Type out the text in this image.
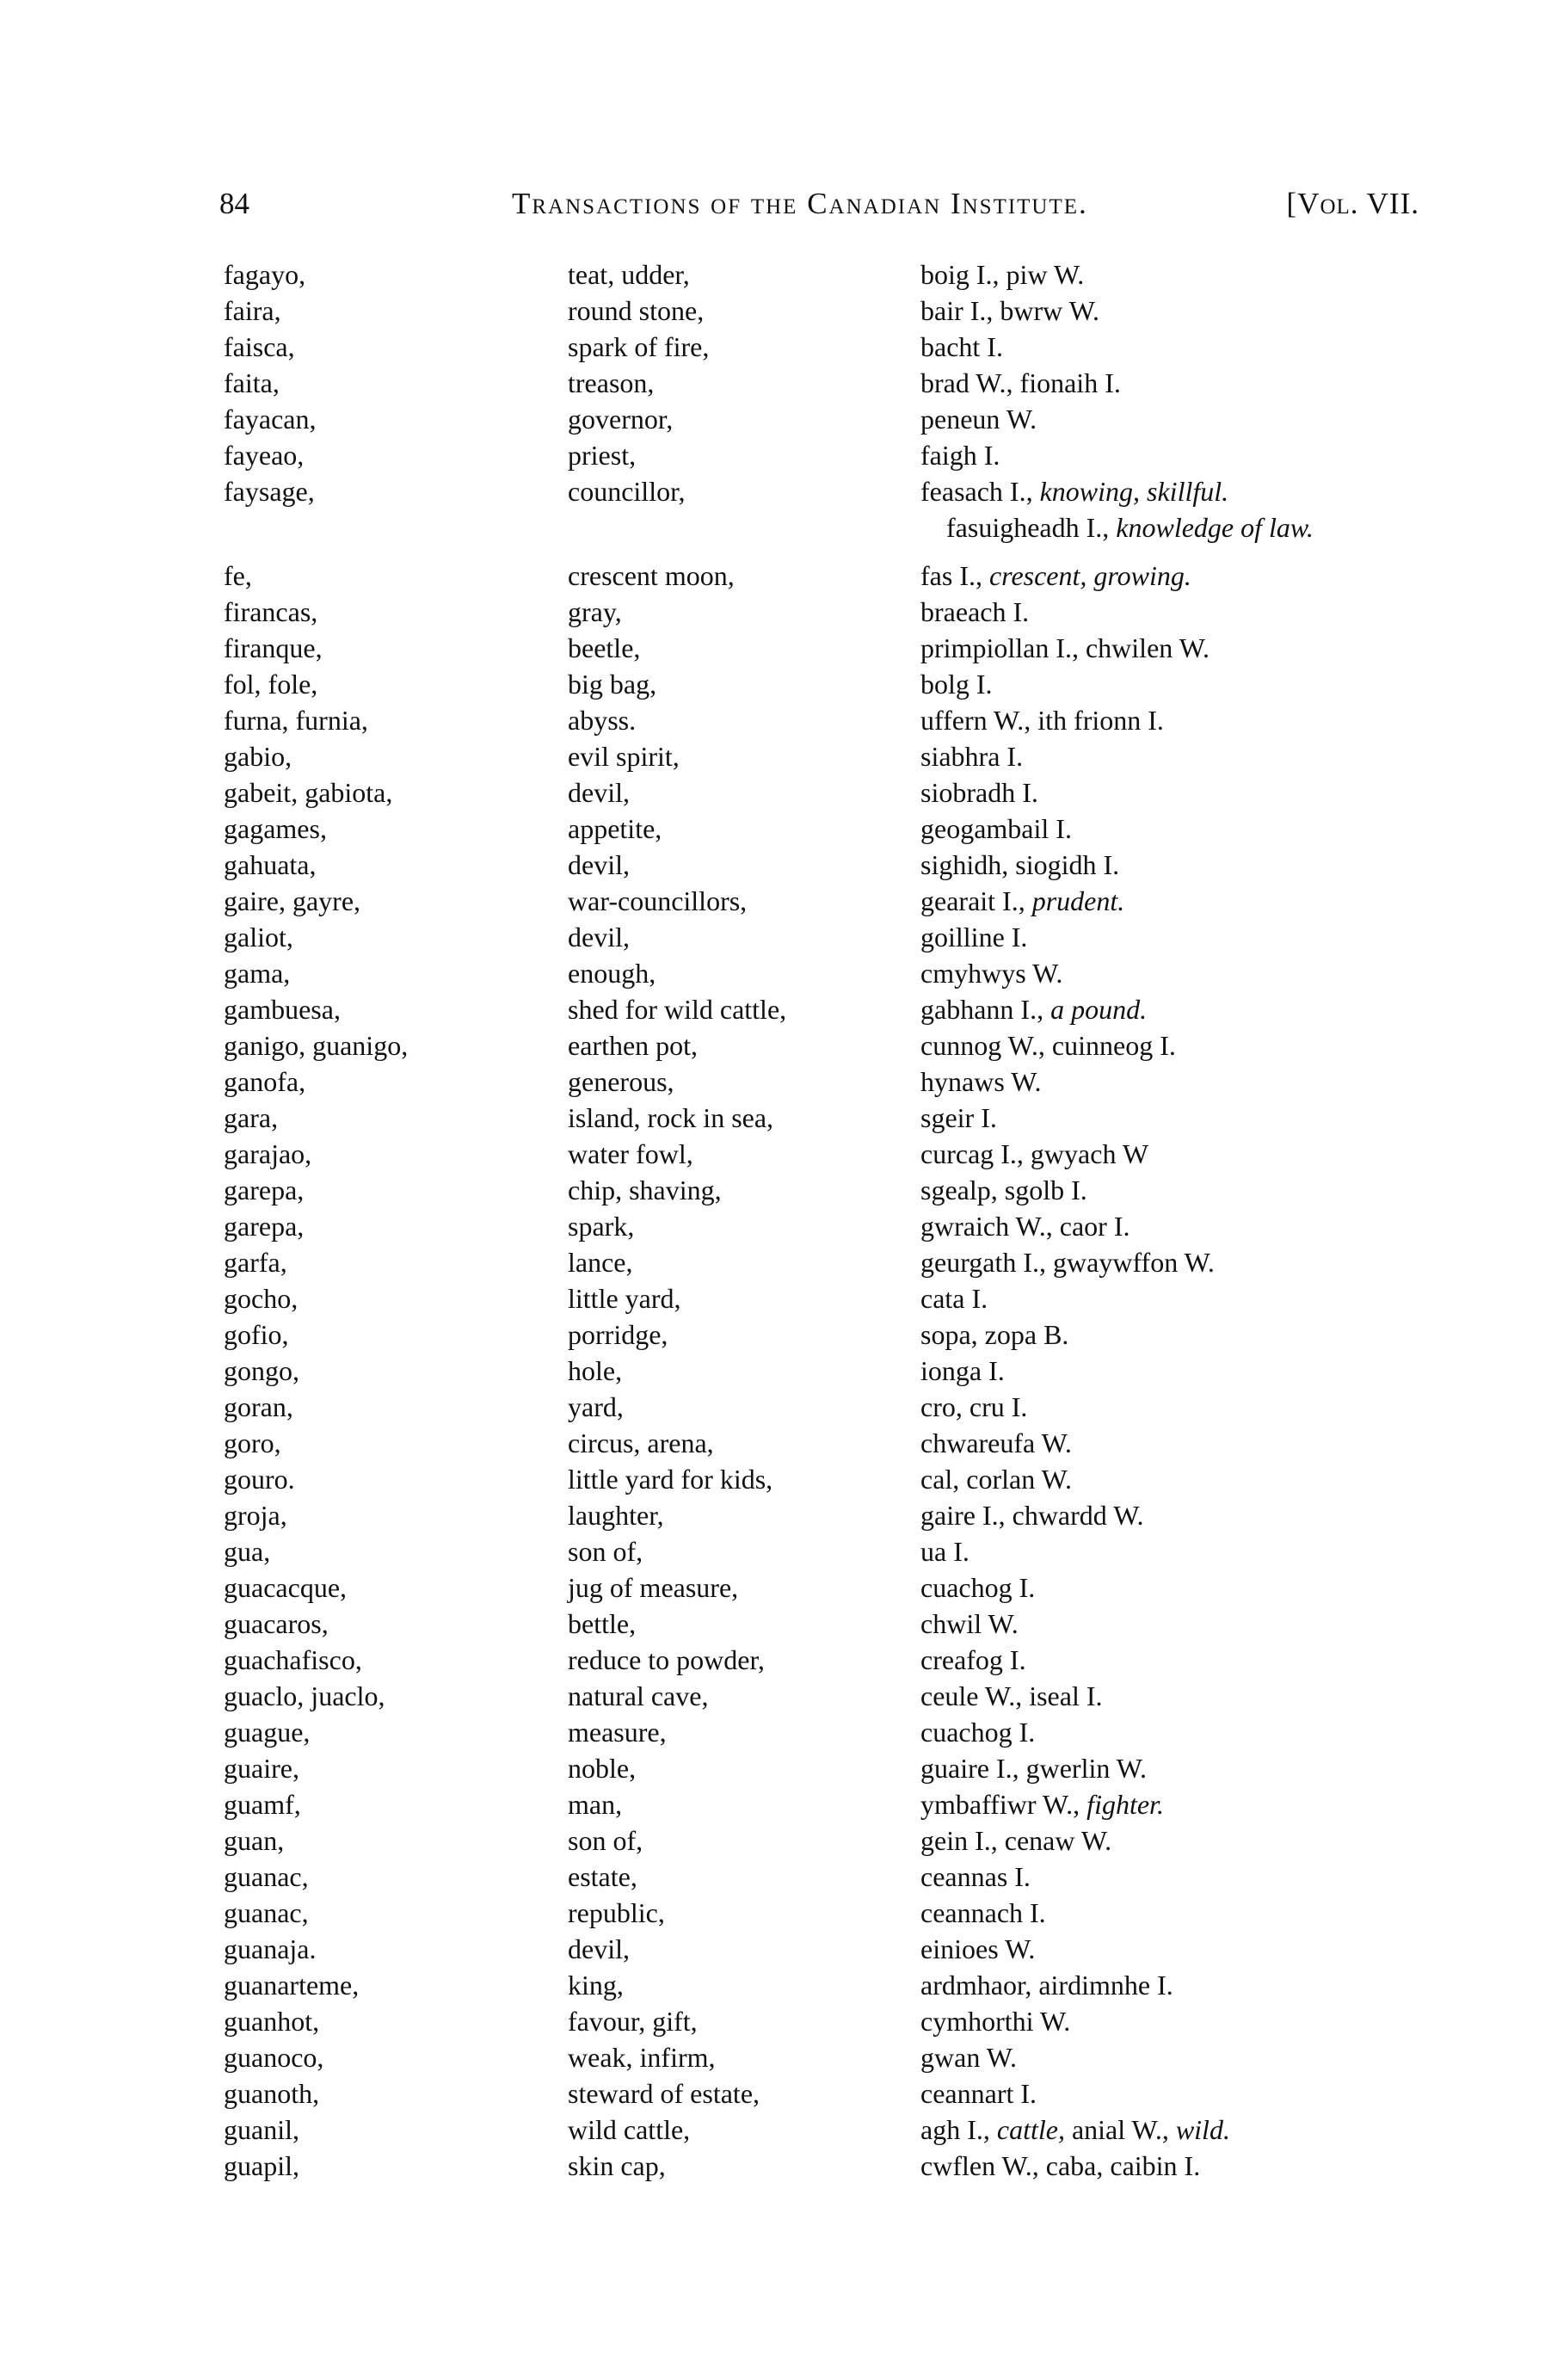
84	Transactions of the Canadian Institute.	[Vol. VII.
fagayo,	teat, udder,	boig I., piw W.
faira,	round stone,	bair I., bwrw W.
faisca,	spark of fire,	bacht I.
faita,	treason,	brad W., fionaih I.
fayacan,	governor,	peneun W.
fayeao,	priest,	faigh I.
faysage,	councillor,	feasach I., knowing, skillful.
fasuigheadh I., knowledge of law.
fe,	crescent moon,	fas I., crescent, growing.
firancas,	gray,	braeach I.
firanque,	beetle,	primpiollan I., chwilen W.
fol, fole,	big bag,	bolg I.
furna, furnia,	abyss.	uffern W., ith frionn I.
gabio,	evil spirit,	siabhra I.
gabeit, gabiota,	devil,	siobradh I.
gagames,	appetite,	geogambail I.
gahuata,	devil,	sighidh, siogidh I.
gaire, gayre,	war-councillors,	gearait I., prudent.
galiot,	devil,	goilline I.
gama,	enough,	cmyhwys W.
gambuesa,	shed for wild cattle,	gabhann I., a pound.
ganigo, guanigo,	earthen pot,	cunnog W., cuinneog I.
ganofa,	generous,	hynaws W.
gara,	island, rock in sea,	sgeir I.
garajao,	water fowl,	curcag I., gwyach W
garepa,	chip, shaving,	sgealp, sgolb I.
garepa,	spark,	gwraich W., caor I.
garfa,	lance,	geurgath I., gwaywffon W.
gocho,	little yard,	cata I.
gofio,	porridge,	sopa, zopa B.
gongo,	hole,	ionga I.
goran,	yard,	cro, cru I.
goro,	circus, arena,	chwareufa W.
gouro.	little yard for kids,	cal, corlan W.
groja,	laughter,	gaire I., chwardd W.
gua,	son of,	ua I.
guacacque,	jug of measure,	cuachog I.
guacaros,	bettle,	chwil W.
guachafisco,	reduce to powder,	creafog I.
guaclo, juaclo,	natural cave,	ceule W., iseal I.
guague,	measure,	cuachog I.
guaire,	noble,	guaire I., gwerlin W.
guamf,	man,	ymbaffiwr W., fighter.
guan,	son of,	gein I., cenaw W.
guanac,	estate,	ceannas I.
guanac,	republic,	ceannach I.
guanaja.	devil,	einioes W.
guanarteme,	king,	ardmhaor, airdimnhe I.
guanhot,	favour, gift,	cymhorthi W.
guanoco,	weak, infirm,	gwan W.
guanoth,	steward of estate,	ceannart I.
guanil,	wild cattle,	agh I., cattle, anial W., wild.
guapil,	skin cap,	cwflen W., caba, caibin I.
